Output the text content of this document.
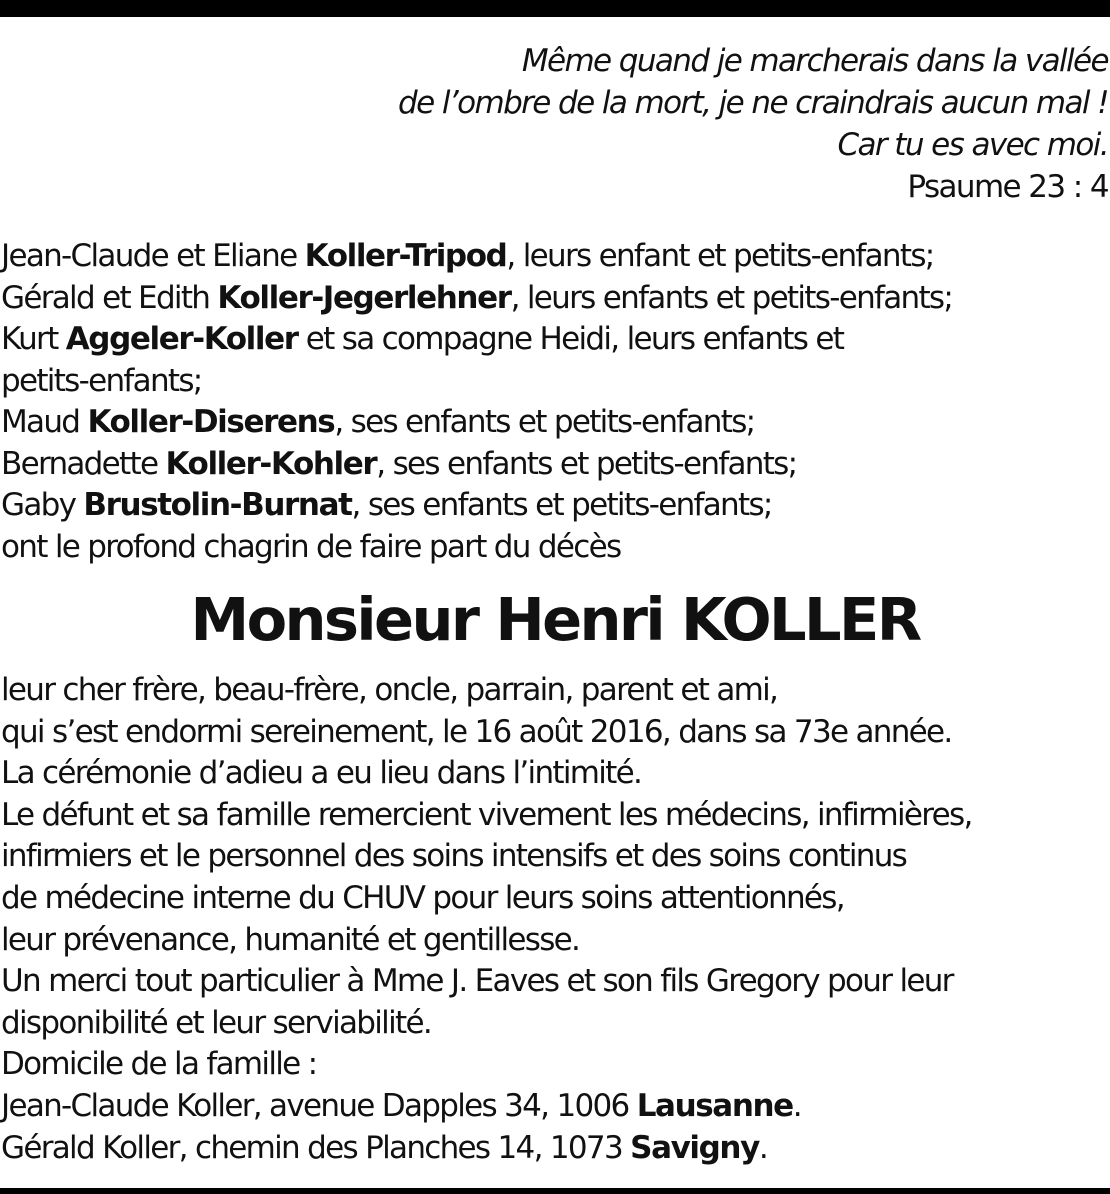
Même quand je marcherais dans la vallée
de l’ombre de la mort, je ne craindrais aucun mal !
Car tu es avec moi.
Psaume 23 : 4
Jean-Claude et Eliane Koller-Tripod, leurs enfant et petits-enfants;
Gérald et Edith Koller-Jegerlehner, leurs enfants et petits-enfants;
Kurt Aggeler-Koller et sa compagne Heidi, leurs enfants et
petits-enfants;
Maud Koller-Diserens, ses enfants et petits-enfants;
Bernadette Koller-Kohler, ses enfants et petits-enfants;
Gaby Brustolin-Burnat, ses enfants et petits-enfants;
ont le profond chagrin de faire part du décès
Monsieur Henri KOLLER
leur cher frère, beau-frère, oncle, parrain, parent et ami,
qui s’est endormi sereinement, le 16 août 2016, dans sa 73e année.
La cérémonie d’adieu a eu lieu dans l’intimité.
Le défunt et sa famille remercient vivement les médecins, infirmières,
infirmiers et le personnel des soins intensifs et des soins continus
de médecine interne du CHUV pour leurs soins attentionnés,
leur prévenance, humanité et gentillesse.
Un merci tout particulier à Mme J. Eaves et son fils Gregory pour leur
disponibilité et leur serviabilité.
Domicile de la famille :
Jean-Claude Koller, avenue Dapples 34, 1006 Lausanne.
Gérald Koller, chemin des Planches 14, 1073 Savigny.
